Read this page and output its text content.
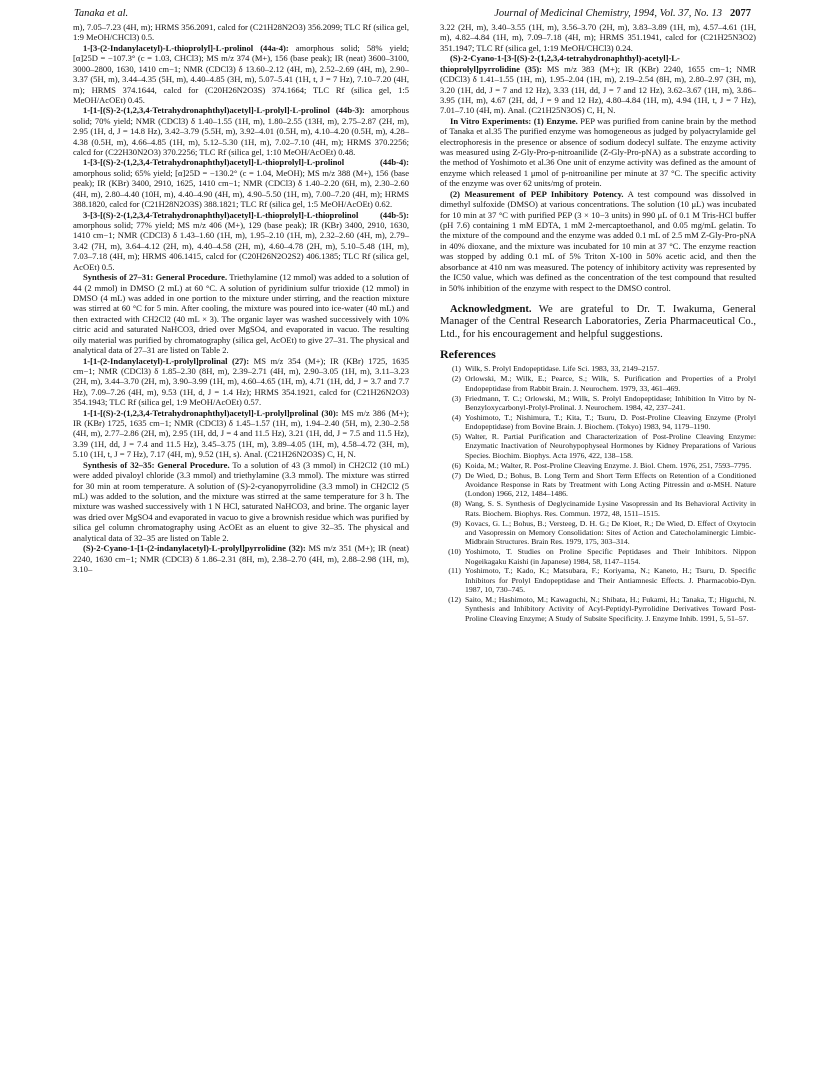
Tanaka et al.	Journal of Medicinal Chemistry, 1994, Vol. 37, No. 13 2077

m), 7.05–7.23 (4H, m); HRMS 356.2091, calcd for (C21H28N2O3) 356.2099; TLC Rf (silica gel, 1:9 MeOH/CHCl3) 0.5.

1-[3-(2-Indanylacetyl)-L-thioprolyl]-L-prolinol (44a-4): amorphous solid; 58% yield; [α]25D = −107.3° (c = 1.03, CHCl3); MS m/z 374 (M+), 156 (base peak); IR (neat) 3600–3100, 3000–2800, 1630, 1410 cm−1; NMR (CDCl3) δ 13.60–2.12 (4H, m), 2.52–2.69 (4H, m), 2.90–3.37 (5H, m), 3.44–4.35 (5H, m), 4.40–4.85 (3H, m), 5.07–5.41 (1H, t, J = 7 Hz), 7.10–7.20 (4H, m); HRMS 374.1644, calcd for (C20H26N2O3S) 374.1664; TLC Rf (silica gel, 1:5 MeOH/AcOEt) 0.45.

1-[1-[(S)-2-(1,2,3,4-Tetrahydronaphthyl)acetyl]-L-prolyl]-L-prolinol (44b-3): amorphous solid; 70% yield; NMR (CDCl3) δ 1.40–1.55 (1H, m), 1.80–2.55 (13H, m), 2.75–2.87 (2H, m), 2.95 (1H, d, J = 14.8 Hz), 3.42–3.79 (5.5H, m), 3.92–4.01 (0.5H, m), 4.10–4.20 (0.5H, m), 4.28–4.38 (0.5H, m), 4.66–4.85 (1H, m), 5.12–5.30 (1H, m), 7.02–7.10 (4H, m); HRMS 370.2256; calcd for (C22H30N2O3) 370.2256; TLC Rf (silica gel, 1:10 MeOH/AcOEt) 0.48.

1-[3-[(S)-2-(1,2,3,4-Tetrahydronaphthyl)acetyl]-L-thioprolyl]-L-prolinol (44b-4): amorphous solid; 65% yield; [α]25D = −130.2° (c = 1.04, MeOH); MS m/z 388 (M+), 156 (base peak); IR (KBr) 3400, 2910, 1625, 1410 cm−1; NMR (CDCl3) δ 1.40–2.20 (6H, m), 2.30–2.60 (4H, m), 2.80–4.40 (10H, m), 4.40–4.90 (4H, m), 4.90–5.50 (1H, m), 7.00–7.20 (4H, m); HRMS 388.1820, calcd for (C21H28N2O3S) 388.1821; TLC Rf (silica gel, 1:5 MeOH/AcOEt) 0.62.

3-[3-[(S)-2-(1,2,3,4-Tetrahydronaphthyl)acetyl]-L-thioprolyl]-L-thioprolinol (44b-5): amorphous solid; 77% yield; MS m/z 406 (M+), 129 (base peak); IR (KBr) 3400, 2910, 1630, 1410 cm−1; NMR (CDCl3) δ 1.43–1.60 (1H, m), 1.95–2.10 (1H, m), 2.32–2.60 (4H, m), 2.79–3.42 (7H, m), 3.64–4.12 (2H, m), 4.40–4.58 (2H, m), 4.60–4.78 (2H, m), 5.10–5.48 (1H, m), 7.03–7.18 (4H, m); HRMS 406.1415, calcd for (C20H26N2O2S2) 406.1385; TLC Rf (silica gel, AcOEt) 0.5.

Synthesis of 27–31: General Procedure. Triethylamine (12 mmol) was added to a solution of 44 (2 mmol) in DMSO (2 mL) at 60 °C. A solution of pyridinium sulfur trioxide (12 mmol) in DMSO (4 mL) was added in one portion to the mixture under stirring, and the reaction mixture was stirred at 60 °C for 5 min. After cooling, the mixture was poured into ice-water (40 mL) and then extracted with CH2Cl2 (40 mL × 3). The organic layer was washed successively with 10% citric acid and saturated NaHCO3, dried over MgSO4, and evaporated in vacuo. The resulting oily material was purified by chromatography (silica gel, AcOEt) to give 27–31. The physical and analytical data of 27–31 are listed on Table 2.

1-[1-(2-Indanylacetyl)-L-prolyl]prolinal (27): MS m/z 354 (M+); IR (KBr) 1725, 1635 cm−1; NMR (CDCl3) δ 1.85–2.30 (8H, m), 2.39–2.71 (4H, m), 2.90–3.05 (1H, m), 3.11–3.23 (2H, m), 3.44–3.70 (2H, m), 3.90–3.99 (1H, m), 4.60–4.65 (1H, m), 4.71 (1H, dd, J = 3.7 and 7.7 Hz), 7.09–7.26 (4H, m), 9.53 (1H, d, J = 1.4 Hz); HRMS 354.1921, calcd for (C21H26N2O3) 354.1943; TLC Rf (silica gel, 1:9 MeOH/AcOEt) 0.57.

1-[1-[(S)-2-(1,2,3,4-Tetrahydronaphthyl)acetyl]-L-prolyl]prolinal (30): MS m/z 386 (M+); IR (KBr) 1725, 1635 cm−1; NMR (CDCl3) δ 1.45–1.57 (1H, m), 1.94–2.40 (5H, m), 2.30–2.58 (4H, m), 2.77–2.86 (2H, m), 2.95 (1H, dd, J = 4 and 11.5 Hz), 3.21 (1H, dd, J = 7.5 and 11.5 Hz), 3.39 (1H, dd, J = 7.4 and 11.5 Hz), 3.45–3.75 (1H, m), 3.89–4.05 (1H, m), 4.58–4.72 (3H, m), 5.10 (1H, t, J = 7 Hz), 7.17 (4H, m), 9.52 (1H, s). Anal. (C21H26N2O3S) C, H, N.

Synthesis of 32–35: General Procedure. To a solution of 43 (3 mmol) in CH2Cl2 (10 mL) were added pivaloyl chloride (3.3 mmol) and triethylamine (3.3 mmol). The mixture was stirred for 30 min at room temperature. A solution of (S)-2-cyanopyrrolidine (3.3 mmol) in CH2Cl2 (5 mL) was added to the solution, and the mixture was stirred at the same temperature for 3 h. The mixture was washed successively with 1 N HCl, saturated NaHCO3, and brine. The organic layer was dried over MgSO4 and evaporated in vacuo to give a brownish residue which was purified by silica gel column chromatography using AcOEt as an eluent to give 32–35. The physical and analytical data of 32–35 are listed on Table 2.

(S)-2-Cyano-1-[1-(2-indanylacetyl)-L-prolyl]pyrrolidine (32): MS m/z 351 (M+); IR (neat) 2240, 1630 cm−1; NMR (CDCl3) δ 1.86–2.31 (8H, m), 2.38–2.70 (4H, m), 2.88–2.98 (1H, m), 3.10–

3.22 (2H, m), 3.40–3.55 (1H, m), 3.56–3.70 (2H, m), 3.83–3.89 (1H, m), 4.57–4.61 (1H, m), 4.82–4.84 (1H, m), 7.09–7.18 (4H, m); HRMS 351.1941, calcd for (C21H25N3O2) 351.1947; TLC Rf (silica gel, 1:19 MeOH/CHCl3) 0.24.

(S)-2-Cyano-1-[3-[(S)-2-(1,2,3,4-tetrahydronaphthyl)-acetyl]-L-thioprolyl]pyrrolidine (35): MS m/z 383 (M+); IR (KBr) 2240, 1655 cm−1; NMR (CDCl3) δ 1.41–1.55 (1H, m), 1.95–2.04 (1H, m), 2.19–2.54 (8H, m), 2.80–2.97 (3H, m), 3.20 (1H, dd, J = 7 and 12 Hz), 3.33 (1H, dd, J = 7 and 12 Hz), 3.62–3.67 (1H, m), 3.86–3.95 (1H, m), 4.67 (2H, dd, J = 9 and 12 Hz), 4.80–4.84 (1H, m), 4.94 (1H, t, J = 7 Hz), 7.01–7.10 (4H, m). Anal. (C21H25N3OS) C, H, N.

In Vitro Experiments: (1) Enzyme. PEP was purified from canine brain by the method of Tanaka et al.35 The purified enzyme was homogeneous as judged by polyacrylamide gel electrophoresis in the presence or absence of sodium dodecyl sulfate. The enzyme activity was measured using Z-Gly-Pro-p-nitroanilide (Z-Gly-Pro-pNA) as a substrate according to the method of Yoshimoto et al.36 One unit of enzyme activity was defined as the amount of enzyme which released 1 μmol of p-nitroaniline per minute at 37 °C. The specific activity of the enzyme was over 62 units/mg of protein.

(2) Measurement of PEP Inhibitory Potency. A test compound was dissolved in dimethyl sulfoxide (DMSO) at various concentrations. The solution (10 μL) was incubated for 10 min at 37 °C with purified PEP (3 × 10−3 units) in 990 μL of 0.1 M Tris-HCl buffer (pH 7.6) containing 1 mM EDTA, 1 mM 2-mercaptoethanol, and 0.05 mg/mL gelatin. To the mixture of the compound and the enzyme was added 0.1 mL of 2.5 mM Z-Gly-Pro-pNA in 40% dioxane, and the mixture was incubated for 10 min at 37 °C. The enzyme reaction was stopped by adding 0.1 mL of 5% Triton X-100 in 50% acetic acid, and then the absorbance at 410 nm was measured. The potency of inhibitory activity was represented by the IC50 value, which was defined as the concentration of the test compound that resulted in 50% inhibition of the enzyme with respect to the DMSO control.

Acknowledgment. We are grateful to Dr. T. Iwakuma, General Manager of the Central Research Laboratories, Zeria Pharmaceutical Co., Ltd., for his encouragement and helpful suggestions.

References
(1) Wilk, S. Prolyl Endopeptidase. Life Sci. 1983, 33, 2149–2157.
(2) Orlowski, M.; Wilk, E.; Pearce, S.; Wilk, S. Purification and Properties of a Prolyl Endopeptidase from Rabbit Brain. J. Neurochem. 1979, 33, 461–469.
(3) Friedmann, T. C.; Orlowski, M.; Wilk, S. Prolyl Endopeptidase; Inhibition In Vitro by N-Benzyloxycarbonyl-Prolyl-Prolinal. J. Neurochem. 1984, 42, 237–241.
(4) Yoshimoto, T.; Nishimura, T.; Kita, T.; Tsuru, D. Post-Proline Cleaving Enzyme (Prolyl Endopeptidase) from Bovine Brain. J. Biochem. (Tokyo) 1983, 94, 1179–1190.
(5) Walter, R. Partial Purification and Characterization of Post-Proline Cleaving Enzyme: Enzymatic Inactivation of Neurohypophyseal Hormones by Kidney Preparations of Various Species. Biochim. Biophys. Acta 1976, 422, 138–158.
(6) Koida, M.; Walter, R. Post-Proline Cleaving Enzyme. J. Biol. Chem. 1976, 251, 7593–7795.
(7) De Wied, D.; Bohus, B. Long Term and Short Term Effects on Retention of a Conditioned Avoidance Response in Rats by Treatment with Long Acting Pitressin and α-MSH. Nature (London) 1966, 212, 1484–1486.
(8) Wang, S. S. Synthesis of Deglycinamide Lysine Vasopressin and Its Behavioral Activity in Rats. Biochem. Biophys. Res. Commun. 1972, 48, 1511–1515.
(9) Kovacs, G. L.; Bohus, B.; Versteeg, D. H. G.; De Kloet, R.; De Wied, D. Effect of Oxytocin and Vasopressin on Memory Consolidation: Sites of Action and Catecholaminergic Limbic-Midbrain Structures. Brain Res. 1979, 175, 303–314.
(10) Yoshimoto, T. Studies on Proline Specific Peptidases and Their Inhibitors. Nippon Nogeikagaku Kaishi (in Japanese) 1984, 58, 1147–1154.
(11) Yoshimoto, T.; Kado, K.; Matsubara, F.; Koriyama, N.; Kaneto, H.; Tsuru, D. Specific Inhibitors for Prolyl Endopeptidase and Their Antiamnesic Effects. J. Pharmacobio-Dyn. 1987, 10, 730–745.
(12) Saito, M.; Hashimoto, M.; Kawaguchi, N.; Shibata, H.; Fukami, H.; Tanaka, T.; Higuchi, N. Synthesis and Inhibitory Activity of Acyl-Peptidyl-Pyrrolidine Derivatives Toward Post-Proline Cleaving Enzyme; A Study of Subsite Specificity. J. Enzyme Inhib. 1991, 5, 51–57.
